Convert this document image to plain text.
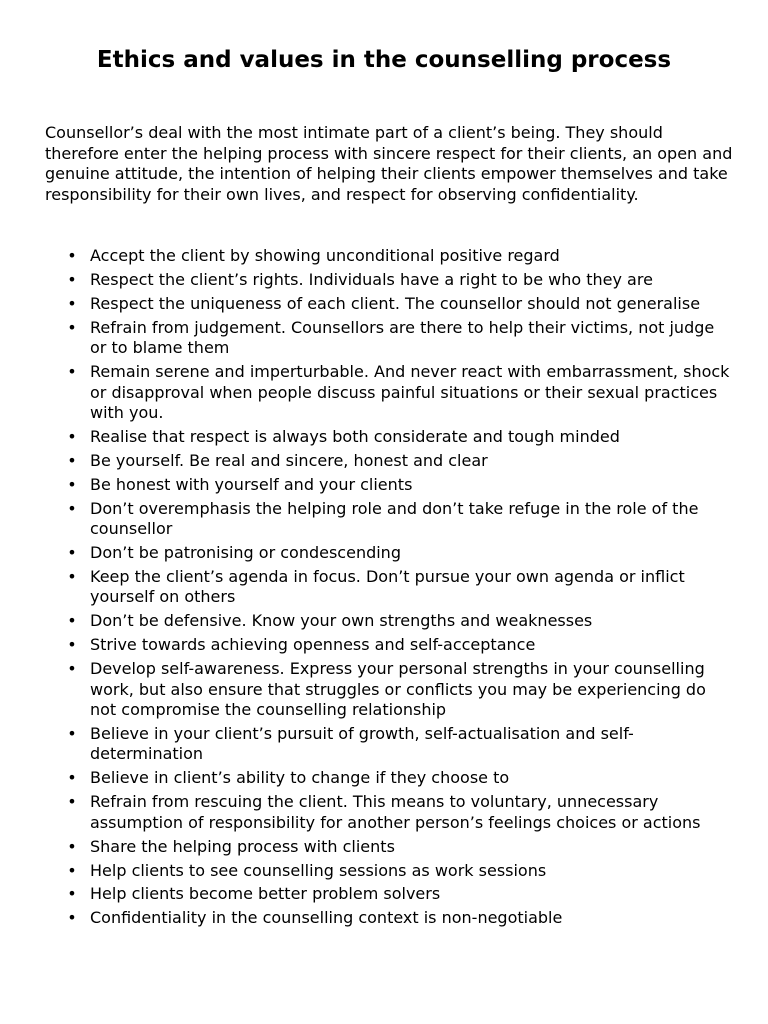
Ethics and values in the counselling process

Counsellor’s deal with the most intimate part of a client’s being. They should therefore enter the helping process with sincere respect for their clients, an open and genuine attitude, the intention of helping their clients empower themselves and take responsibility for their own lives, and respect for observing confidentiality.

• Accept the client by showing unconditional positive regard
• Respect the client’s rights. Individuals have a right to be who they are
• Respect the uniqueness of each client. The counsellor should not generalise
• Refrain from judgement. Counsellors are there to help their victims, not judge or to blame them
• Remain serene and imperturbable. And never react with embarrassment, shock or disapproval when people discuss painful situations or their sexual practices with you.
• Realise that respect is always both considerate and tough minded
• Be yourself. Be real and sincere, honest and clear
• Be honest with yourself and your clients
• Don’t overemphasis the helping role and don’t take refuge in the role of the counsellor
• Don’t be patronising or condescending
• Keep the client’s agenda in focus. Don’t pursue your own agenda or inflict yourself on others
• Don’t be defensive. Know your own strengths and weaknesses
• Strive towards achieving openness and self-acceptance
• Develop self-awareness. Express your personal strengths in your counselling work, but also ensure that struggles or conflicts you may be experiencing do not compromise the counselling relationship
• Believe in your client’s pursuit of growth, self-actualisation and self-determination
• Believe in client’s ability to change if they choose to
• Refrain from rescuing the client. This means to voluntary, unnecessary assumption of responsibility for another person’s feelings choices or actions
• Share the helping process with clients
• Help clients to see counselling sessions as work sessions
• Help clients become better problem solvers
• Confidentiality in the counselling context is non-negotiable
